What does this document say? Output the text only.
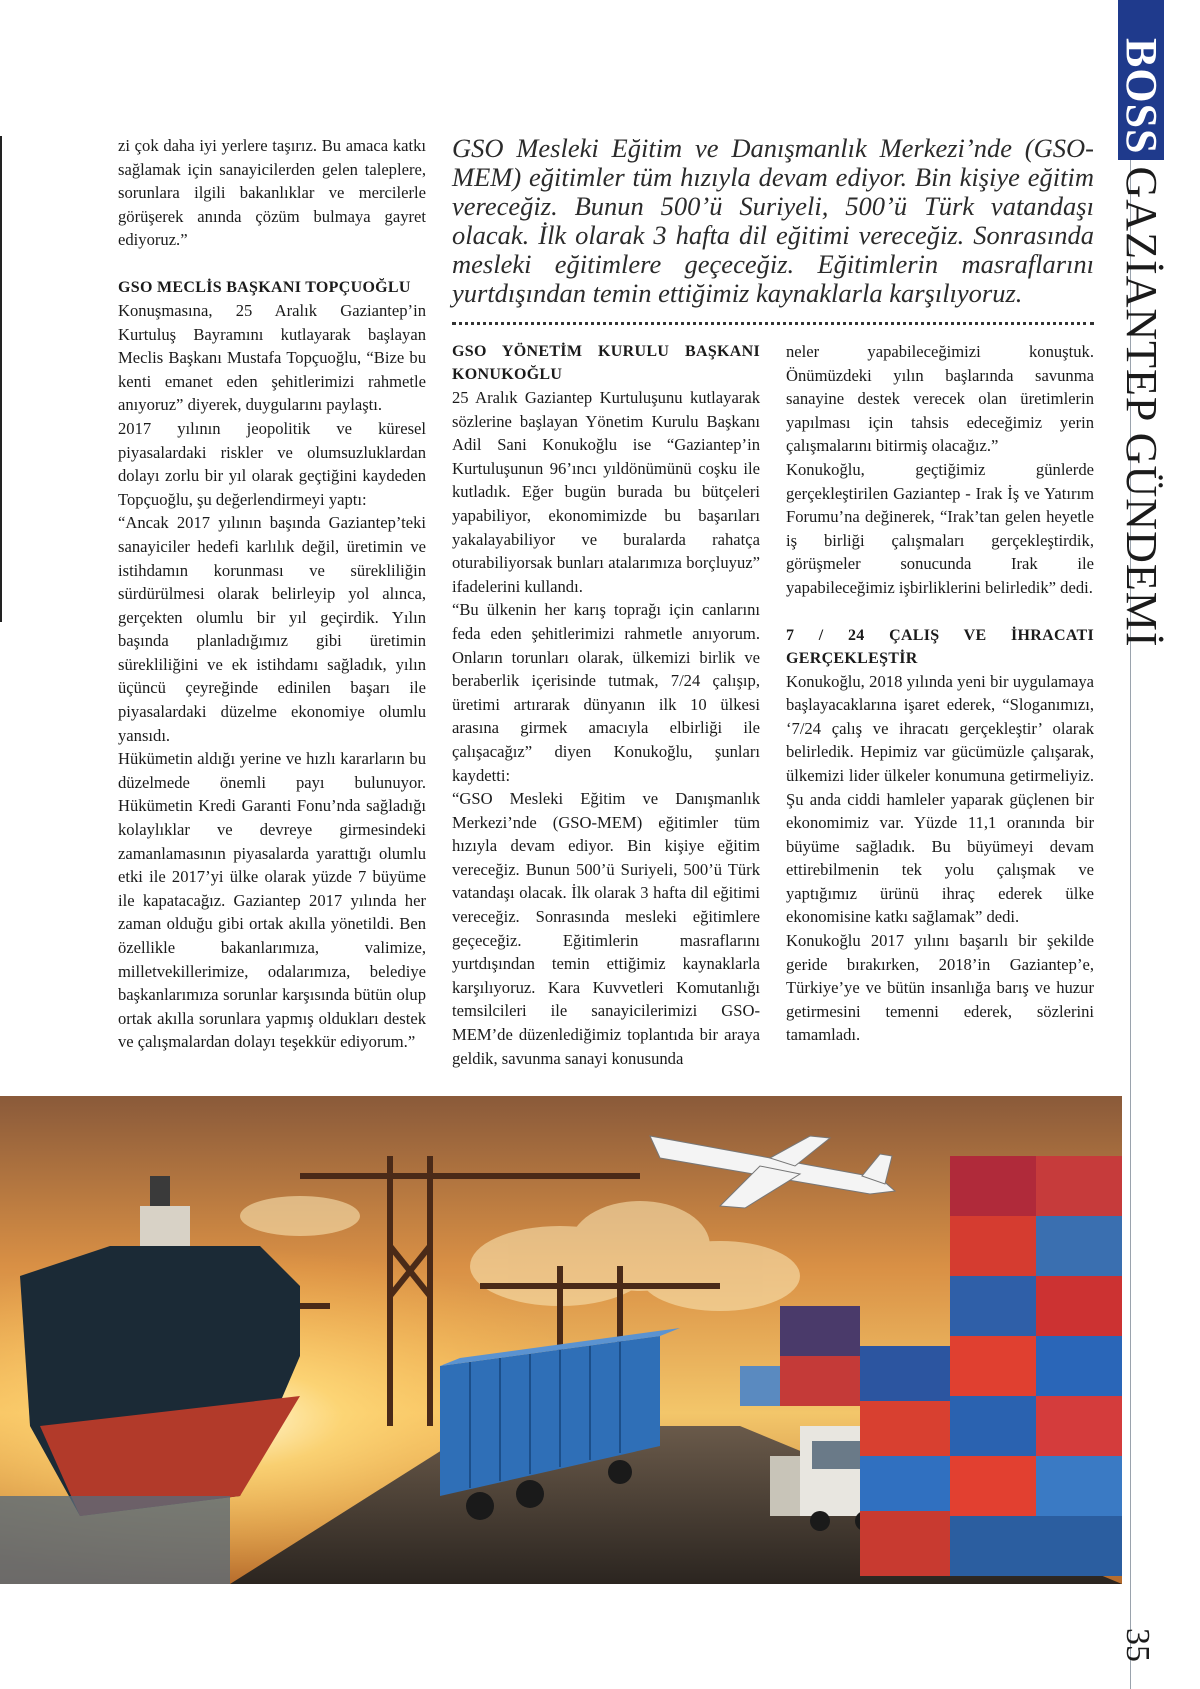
BOSS GAZİANTEP GÜNDEMİ
35

zi çok daha iyi yerlere taşırız. Bu amaca katkı sağlamak için sanayicilerden gelen taleplere, sorunlara ilgili bakanlıklar ve mercilerle görüşerek anında çözüm bulmaya gayret ediyoruz.”

GSO MECLİS BAŞKANI TOPÇUOĞLU

Konuşmasına, 25 Aralık Gaziantep’in Kurtuluş Bayramını kutlayarak başlayan Meclis Başkanı Mustafa Topçuoğlu, “Bize bu kenti emanet eden şehitlerimizi rahmetle anıyoruz” diyerek, duygularını paylaştı.

2017 yılının jeopolitik ve küresel piyasalardaki riskler ve olumsuzluklardan dolayı zorlu bir yıl olarak geçtiğini kaydeden Topçuoğlu, şu değerlendirmeyi yaptı:

“Ancak 2017 yılının başında Gaziantep’teki sanayiciler hedefi karlılık değil, üretimin ve istihdamın korunması ve sürekliliğin sürdürülmesi olarak belirleyip yol alınca, gerçekten olumlu bir yıl geçirdik. Yılın başında planladığımız gibi üretimin sürekliliğini ve ek istihdamı sağladık, yılın üçüncü çeyreğinde edinilen başarı ile piyasalardaki düzelme ekonomiye olumlu yansıdı.

Hükümetin aldığı yerine ve hızlı kararların bu düzelmede önemli payı bulunuyor. Hükümetin Kredi Garanti Fonu’nda sağladığı kolaylıklar ve devreye girmesindeki zamanlamasının piyasalarda yarattığı olumlu etki ile 2017’yi ülke olarak yüzde 7 büyüme ile kapatacağız. Gaziantep 2017 yılında her zaman olduğu gibi ortak akılla yönetildi. Ben özellikle bakanlarımıza, valimize, milletvekillerimize, odalarımıza, belediye başkanlarımıza sorunlar karşısında bütün olup ortak akılla sorunlara yapmış oldukları destek ve çalışmalardan dolayı teşekkür ediyorum.”

GSO Mesleki Eğitim ve Danışmanlık Merkezi’nde (GSO-MEM) eğitimler tüm hızıyla devam ediyor. Bin kişiye eğitim vereceğiz. Bunun 500’ü Suriyeli, 500’ü Türk vatandaşı olacak. İlk olarak 3 hafta dil eğitimi vereceğiz. Sonrasında mesleki eğitimlere geçeceğiz. Eğitimlerin masraflarını yurtdışından temin ettiğimiz kaynaklarla karşılıyoruz.
GSO YÖNETİM KURULU BAŞKANI KONUKOĞLU

25 Aralık Gaziantep Kurtuluşunu kutlayarak sözlerine başlayan Yönetim Kurulu Başkanı Adil Sani Konukoğlu ise “Gaziantep’in Kurtuluşunun 96’ıncı yıldönümünü coşku ile kutladık. Eğer bugün burada bu bütçeleri yapabiliyor, ekonomimizde bu başarıları yakalayabiliyor ve buralarda rahatça oturabiliyorsak bunları atalarımıza borçluyuz” ifadelerini kullandı.

“Bu ülkenin her karış toprağı için canlarını feda eden şehitlerimizi rahmetle anıyorum. Onların torunları olarak, ülkemizi birlik ve beraberlik içerisinde tutmak, 7/24 çalışıp, üretimi artırarak dünyanın ilk 10 ülkesi arasına girmek amacıyla elbirliği ile çalışacağız” diyen Konukoğlu, şunları kaydetti:

“GSO Mesleki Eğitim ve Danışmanlık Merkezi’nde (GSO-MEM) eğitimler tüm hızıyla devam ediyor. Bin kişiye eğitim vereceğiz. Bunun 500’ü Suriyeli, 500’ü Türk vatandaşı olacak. İlk olarak 3 hafta dil eğitimi vereceğiz. Sonrasında mesleki eğitimlere geçeceğiz. Eğitimlerin masraflarını yurtdışından temin ettiğimiz kaynaklarla karşılıyoruz. Kara Kuvvetleri Komutanlığı temsilcileri ile sanayicilerimizi GSO-MEM’de düzenlediğimiz toplantıda bir araya geldik, savunma sanayi konusunda

neler yapabileceğimizi konuştuk. Önümüzdeki yılın başlarında savunma sanayine destek verecek olan üretimlerin yapılması için tahsis edeceğimiz yerin çalışmalarını bitirmiş olacağız.”

Konukoğlu, geçtiğimiz günlerde gerçekleştirilen Gaziantep - Irak İş ve Yatırım Forumu’na değinerek, “Irak’tan gelen heyetle iş birliği çalışmaları gerçekleştirdik, görüşmeler sonucunda Irak ile yapabileceğimiz işbirliklerini belirledik” dedi.

7 / 24 ÇALIŞ VE İHRACATI GERÇEKLEŞTİR

Konukoğlu, 2018 yılında yeni bir uygulamaya başlayacaklarına işaret ederek, “Sloganımızı, ‘7/24 çalış ve ihracatı gerçekleştir’ olarak belirledik. Hepimiz var gücümüzle çalışarak, ülkemizi lider ülkeler konumuna getirmeliyiz. Şu anda ciddi hamleler yaparak güçlenen bir ekonomimiz var. Yüzde 11,1 oranında bir büyüme sağladık. Bu büyümeyi devam ettirebilmenin tek yolu çalışmak ve yaptığımız ürünü ihraç ederek ülke ekonomisine katkı sağlamak” dedi.

Konukoğlu 2017 yılını başarılı bir şekilde geride bırakırken, 2018’in Gaziantep’e, Türkiye’ye ve bütün insanlığa barış ve huzur getirmesini temenni ederek, sözlerini tamamladı.
